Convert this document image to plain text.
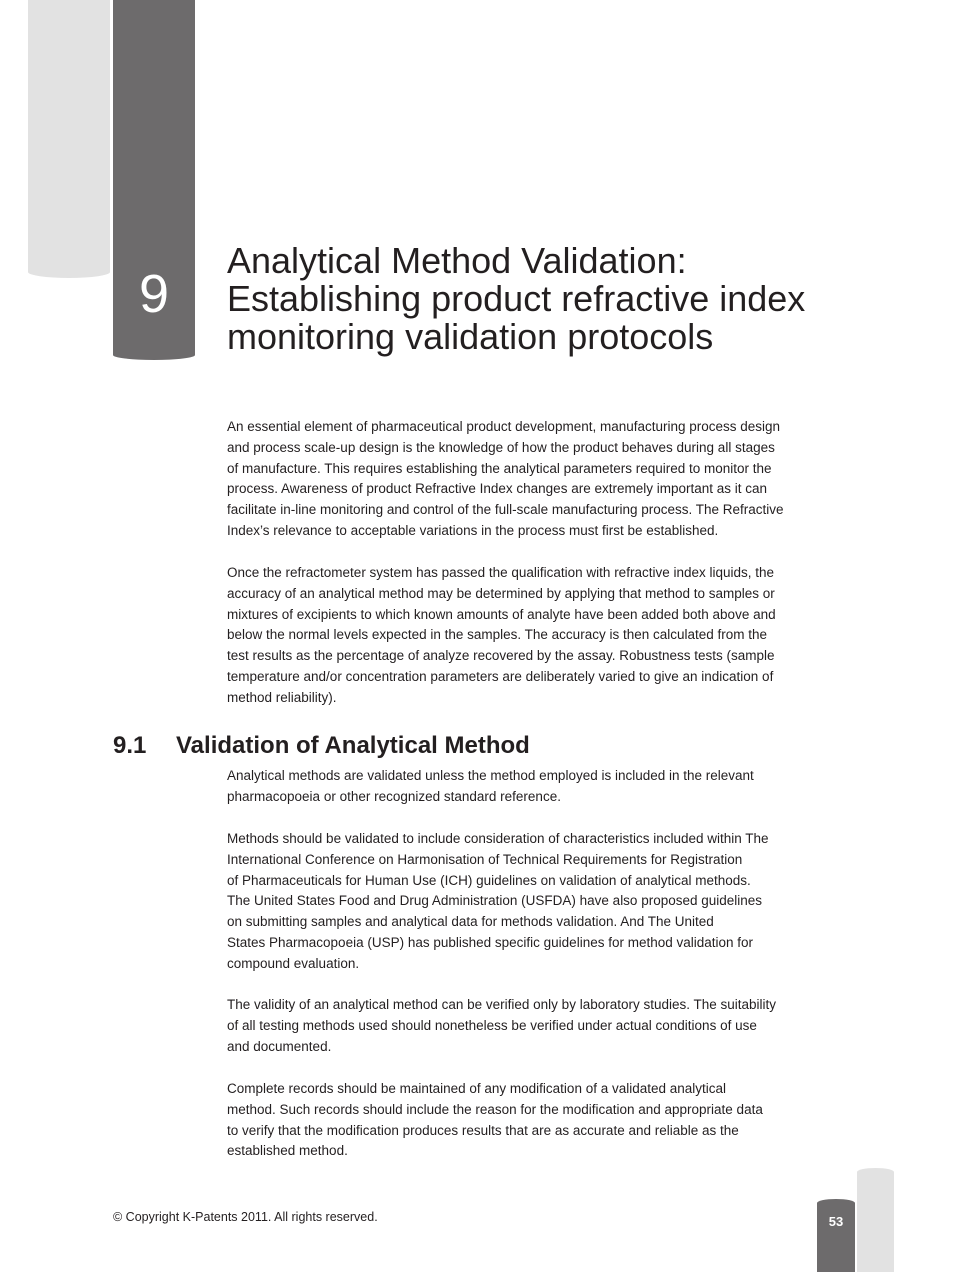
9
Analytical Method Validation:
Establishing product refractive index
monitoring validation protocols

An essential element of pharmaceutical product development, manufacturing process design

and process scale-up design is the knowledge of how the product behaves during all stages

of manufacture. This requires establishing the analytical parameters required to monitor the

process. Awareness of product Refractive Index changes are extremely important as it can

facilitate in-line monitoring and control of the full-scale manufacturing process. The Refractive

Index’s relevance to acceptable variations in the process must first be established.

Once the refractometer system has passed the qualification with refractive index liquids, the

accuracy of an analytical method may be determined by applying that method to samples or

mixtures of excipients to which known amounts of analyte have been added both above and

below the normal levels expected in the samples. The accuracy is then calculated from the

test results as the percentage of analyze recovered by the assay. Robustness tests (sample

temperature and/or concentration parameters are deliberately varied to give an indication of

method reliability).

9.1 Validation of Analytical Method

Analytical methods are validated unless the method employed is included in the relevant

pharmacopoeia or other recognized standard reference.

Methods should be validated to include consideration of characteristics included within The

International Conference on Harmonisation of Technical Requirements for Registration

of Pharmaceuticals for Human Use (ICH) guidelines on validation of analytical methods.

The United States Food and Drug Administration (USFDA) have also proposed guidelines

on submitting samples and analytical data for methods validation. And The United

States Pharmacopoeia (USP) has published specific guidelines for method validation for

compound evaluation.

The validity of an analytical method can be verified only by laboratory studies. The suitability

of all testing methods used should nonetheless be verified under actual conditions of use

and documented.

Complete records should be maintained of any modification of a validated analytical

method. Such records should include the reason for the modification and appropriate data

to verify that the modification produces results that are as accurate and reliable as the

established method.

© Copyright K-Patents 2011. All rights reserved.	53
